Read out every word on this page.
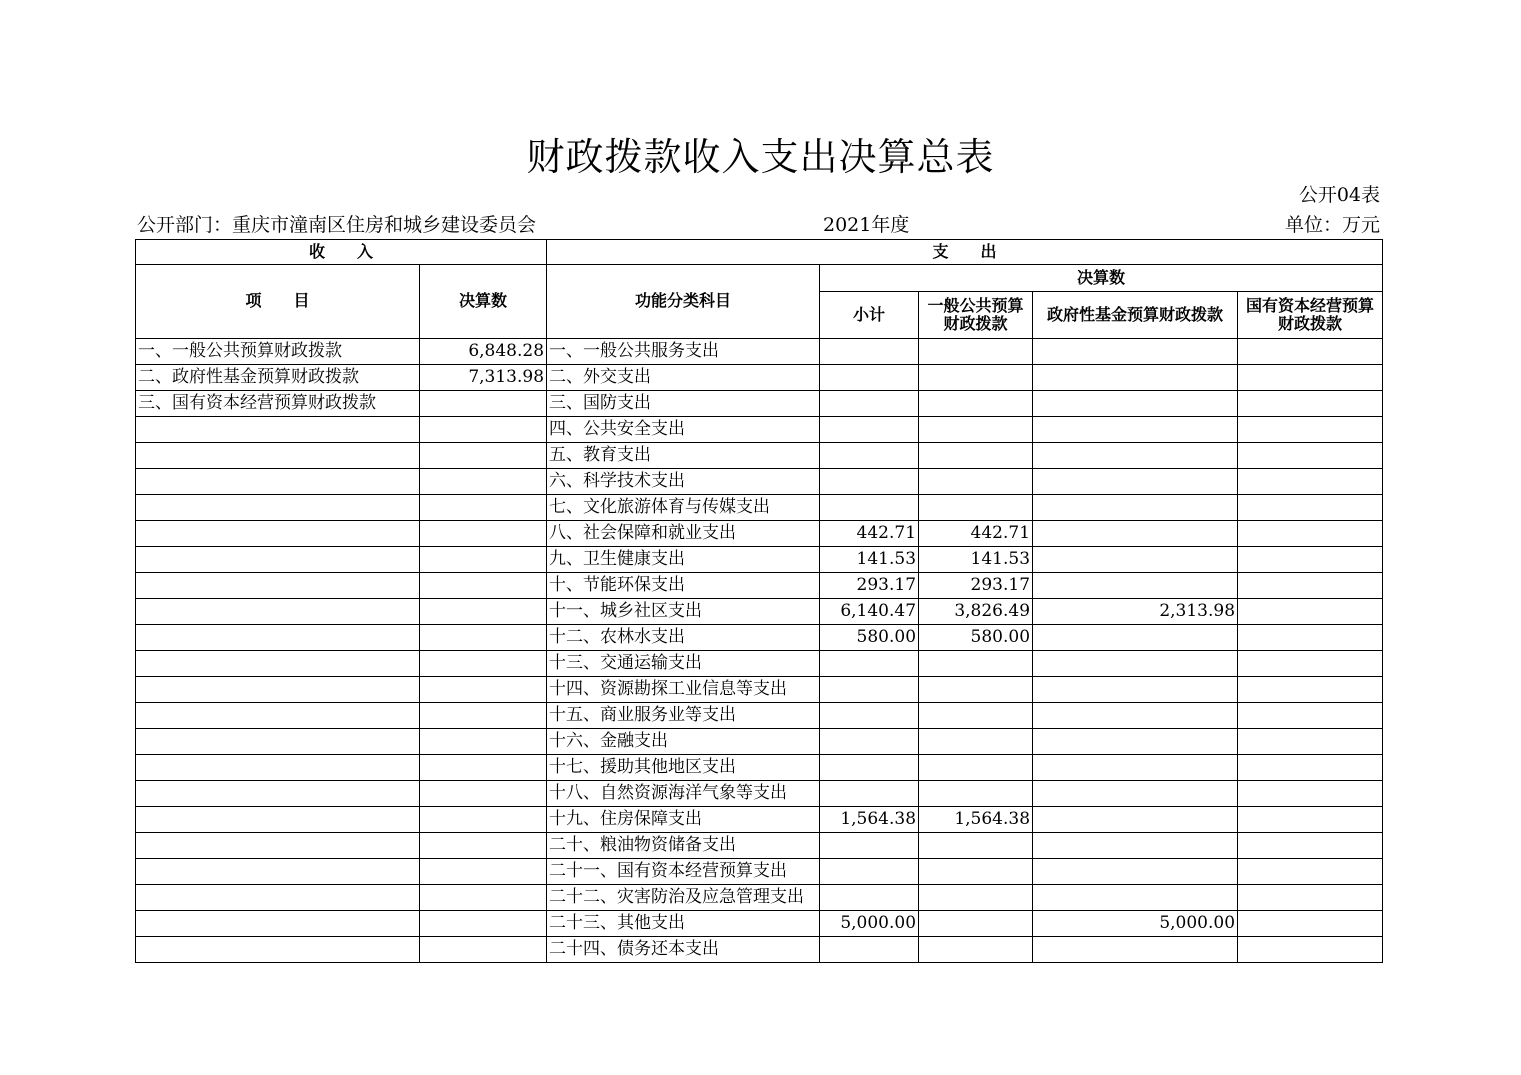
财政拨款收入支出决算总表
公开04表
公开部门：重庆市潼南区住房和城乡建设委员会	2021年度	单位：万元
收　　入		支　　出				
项　　目	决算数	功能分类科目	决算数			
			小计	一般公共预算财政拨款	政府性基金预算财政拨款	国有资本经营预算财政拨款
一、一般公共预算财政拨款	6,848.28	一、一般公共服务支出				
二、政府性基金预算财政拨款	7,313.98	二、外交支出				
三、国有资本经营预算财政拨款		三、国防支出				
		四、公共安全支出				
		五、教育支出				
		六、科学技术支出				
		七、文化旅游体育与传媒支出				
		八、社会保障和就业支出	442.71	442.71		
		九、卫生健康支出	141.53	141.53		
		十、节能环保支出	293.17	293.17		
		十一、城乡社区支出	6,140.47	3,826.49	2,313.98	
		十二、农林水支出	580.00	580.00		
		十三、交通运输支出				
		十四、资源勘探工业信息等支出				
		十五、商业服务业等支出				
		十六、金融支出				
		十七、援助其他地区支出				
		十八、自然资源海洋气象等支出				
		十九、住房保障支出	1,564.38	1,564.38		
		二十、粮油物资储备支出				
		二十一、国有资本经营预算支出				
		二十二、灾害防治及应急管理支出				
		二十三、其他支出	5,000.00		5,000.00	
		二十四、债务还本支出				
